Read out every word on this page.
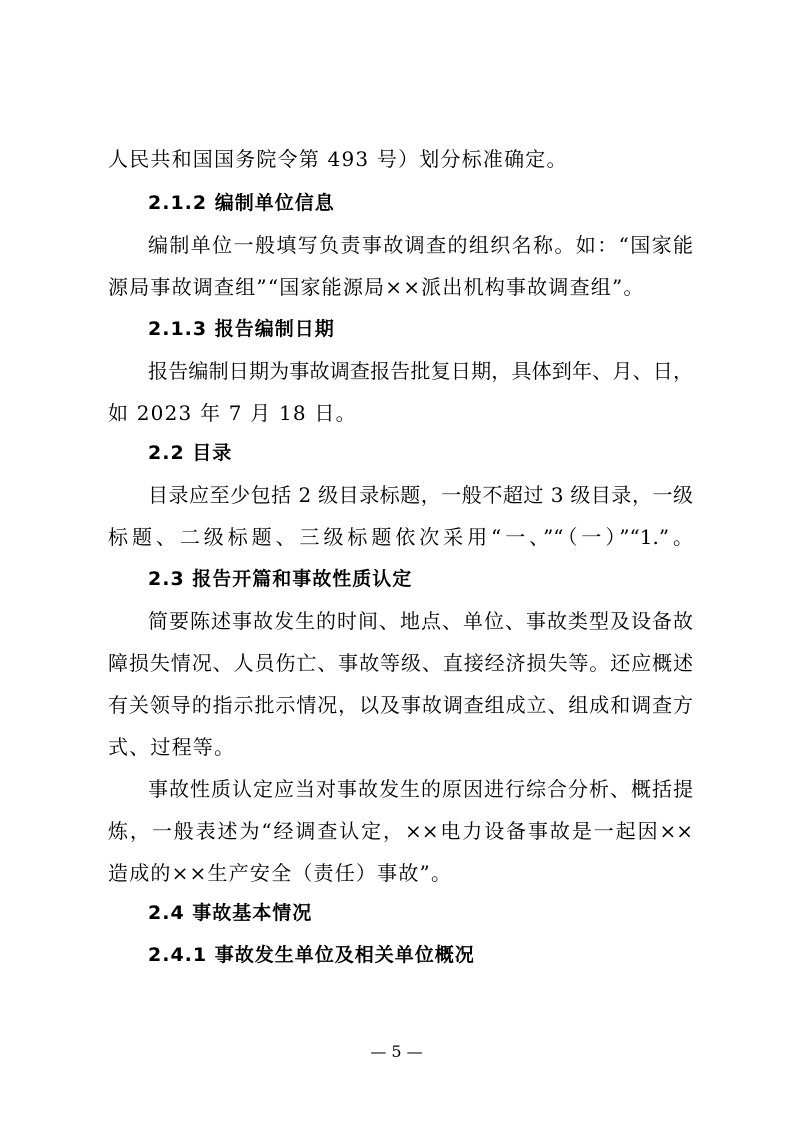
人民共和国国务院令第 493 号）划分标准确定。
2.1.2 编制单位信息
编制单位一般填写负责事故调查的组织名称。如：“国家能
源局事故调查组”“国家能源局××派出机构事故调查组”。
2.1.3 报告编制日期
报告编制日期为事故调查报告批复日期，具体到年、月、日，
如 2023 年 7 月 18 日。
2.2 目录
目录应至少包括 2 级目录标题，一般不超过 3 级目录，一级
标题、二级标题、三级标题依次采用“一、”“（一）”“1.”。
2.3 报告开篇和事故性质认定
简要陈述事故发生的时间、地点、单位、事故类型及设备故
障损失情况、人员伤亡、事故等级、直接经济损失等。还应概述
有关领导的指示批示情况，以及事故调查组成立、组成和调查方
式、过程等。
事故性质认定应当对事故发生的原因进行综合分析、概括提
炼，一般表述为“经调查认定，××电力设备事故是一起因××
造成的××生产安全（责任）事故”。
2.4 事故基本情况
2.4.1 事故发生单位及相关单位概况
— 5 —
